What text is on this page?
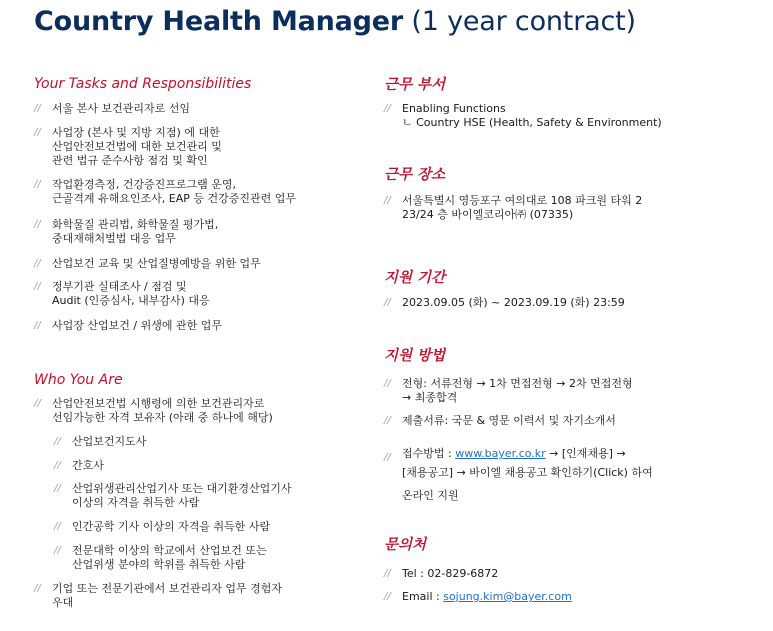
Country Health Manager (1 year contract)
Your Tasks and Responsibilities
// 서울 본사 보건관리자로 선임
// 사업장 (본사 및 지방 지점) 에 대한
산업안전보건법에 대한 보건관리 및
관련 법규 준수사항 점검 및 확인
// 작업환경측정, 건강증진프로그램 운영,
근골격계 유해요인조사, EAP 등 건강증진관련 업무
// 화학물질 관리법, 화학물질 평가법,
중대재해처벌법 대응 업무
// 산업보건 교육 및 산업질병예방을 위한 업무
// 정부기관 실태조사 / 점검 및
Audit (인증심사, 내부감사) 대응
// 사업장 산업보건 / 위생에 관한 업무
Who You Are
// 산업안전보건법 시행령에 의한 보건관리자로
선임가능한 자격 보유자 (아래 중 하나에 해당)
// 산업보건지도사
// 간호사
// 산업위생관리산업기사 또는 대기환경산업기사
이상의 자격을 취득한 사람
// 인간공학 기사 이상의 자격을 취득한 사람
// 전문대학 이상의 학교에서 산업보건 또는
산업위생 분야의 학위를 취득한 사람
// 기업 또는 전문기관에서 보건관리자 업무 경험자
우대
근무 부서
// Enabling Functions
ㄴ Country HSE (Health, Safety & Environment)
근무 장소
// 서울특별시 영등포구 여의대로 108 파크원 타워 2
23/24 층 바이엘코리아㈜ (07335)
지원 기간
// 2023.09.05 (화) ~ 2023.09.19 (화) 23:59
지원 방법
// 전형: 서류전형 → 1차 면접전형 → 2차 면접전형
→ 최종합격
// 제출서류: 국문 & 영문 이력서 및 자기소개서
// 접수방법 : www.bayer.co.kr → [인재채용] →
[채용공고] → 바이엘 채용공고 확인하기(Click) 하여
온라인 지원
문의처
// Tel : 02-829-6872
// Email : sojung.kim@bayer.com
